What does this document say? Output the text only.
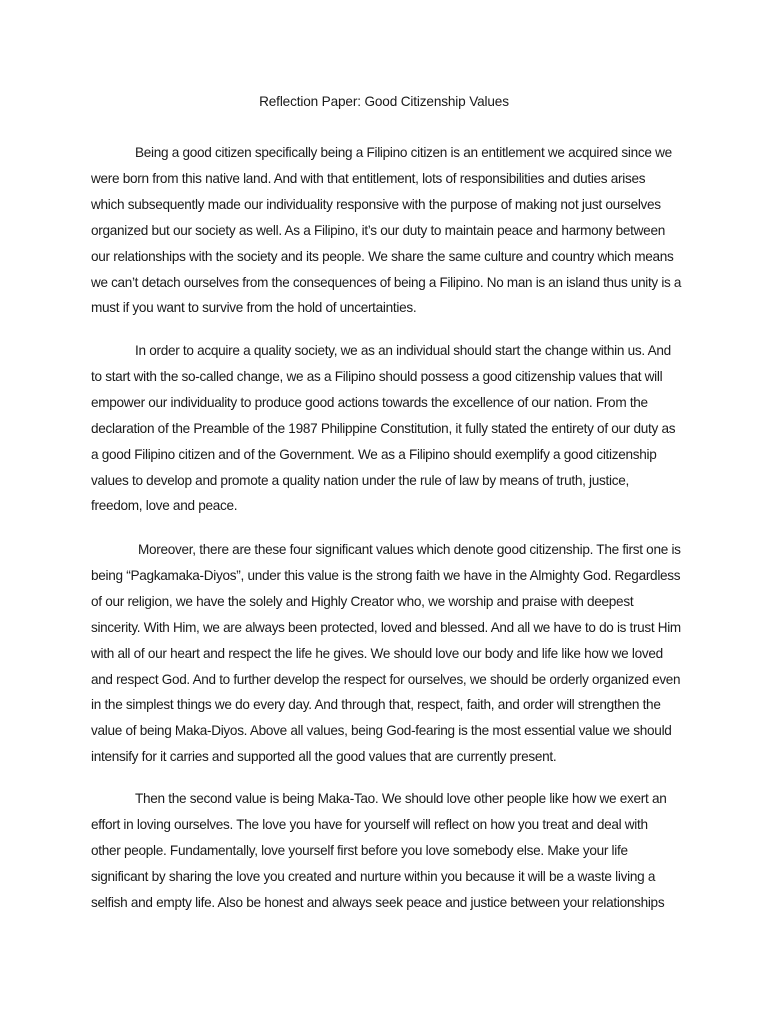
Reflection Paper: Good Citizenship Values

Being a good citizen specifically being a Filipino citizen is an entitlement we acquired since we
were born from this native land. And with that entitlement, lots of responsibilities and duties arises
which subsequently made our individuality responsive with the purpose of making not just ourselves
organized but our society as well. As a Filipino, it’s our duty to maintain peace and harmony between
our relationships with the society and its people. We share the same culture and country which means
we can’t detach ourselves from the consequences of being a Filipino. No man is an island thus unity is a
must if you want to survive from the hold of uncertainties.

In order to acquire a quality society, we as an individual should start the change within us. And
to start with the so-called change, we as a Filipino should possess a good citizenship values that will
empower our individuality to produce good actions towards the excellence of our nation. From the
declaration of the Preamble of the 1987 Philippine Constitution, it fully stated the entirety of our duty as
a good Filipino citizen and of the Government. We as a Filipino should exemplify a good citizenship
values to develop and promote a quality nation under the rule of law by means of truth, justice,
freedom, love and peace.

Moreover, there are these four significant values which denote good citizenship. The first one is
being “Pagkamaka-Diyos”, under this value is the strong faith we have in the Almighty God. Regardless
of our religion, we have the solely and Highly Creator who, we worship and praise with deepest
sincerity. With Him, we are always been protected, loved and blessed. And all we have to do is trust Him
with all of our heart and respect the life he gives. We should love our body and life like how we loved
and respect God. And to further develop the respect for ourselves, we should be orderly organized even
in the simplest things we do every day. And through that, respect, faith, and order will strengthen the
value of being Maka-Diyos. Above all values, being God-fearing is the most essential value we should
intensify for it carries and supported all the good values that are currently present.

Then the second value is being Maka-Tao. We should love other people like how we exert an
effort in loving ourselves. The love you have for yourself will reflect on how you treat and deal with
other people. Fundamentally, love yourself first before you love somebody else. Make your life
significant by sharing the love you created and nurture within you because it will be a waste living a
selfish and empty life. Also be honest and always seek peace and justice between your relationships
